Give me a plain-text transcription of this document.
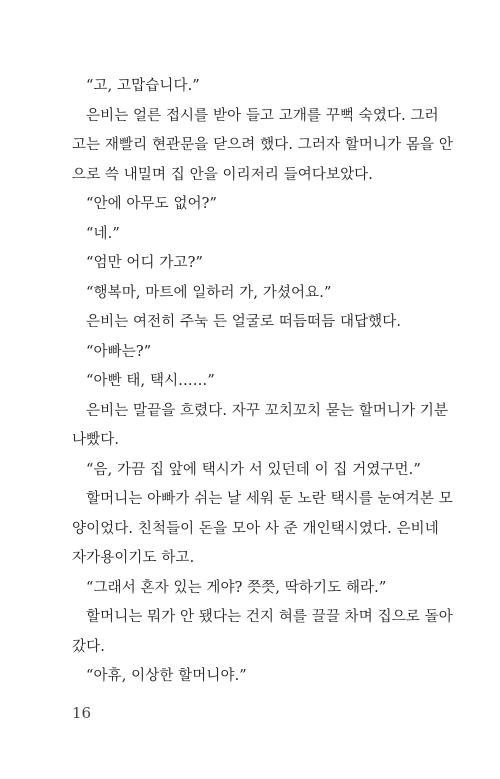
“고, 고맙습니다.”
은비는 얼른 접시를 받아 들고 고개를 꾸뻑 숙였다. 그러
고는 재빨리 현관문을 닫으려 했다. 그러자 할머니가 몸을 안
으로 쓱 내밀며 집 안을 이리저리 들여다보았다.
“안에 아무도 없어?”
“네.”
“엄만 어디 가고?”
“행복마, 마트에 일하러 가, 가셨어요.”
은비는 여전히 주눅 든 얼굴로 떠듬떠듬 대답했다.
“아빠는?”
“아빤 태, 택시……”
은비는 말끝을 흐렸다. 자꾸 꼬치꼬치 묻는 할머니가 기분
나빴다.
“음, 가끔 집 앞에 택시가 서 있던데 이 집 거였구먼.”
할머니는 아빠가 쉬는 날 세워 둔 노란 택시를 눈여겨본 모
양이었다. 친척들이 돈을 모아 사 준 개인택시였다. 은비네
자가용이기도 하고.
“그래서 혼자 있는 게야? 쯧쯧, 딱하기도 해라.”
할머니는 뭐가 안 됐다는 건지 혀를 끌끌 차며 집으로 돌아
갔다.
“아휴, 이상한 할머니야.”
16
